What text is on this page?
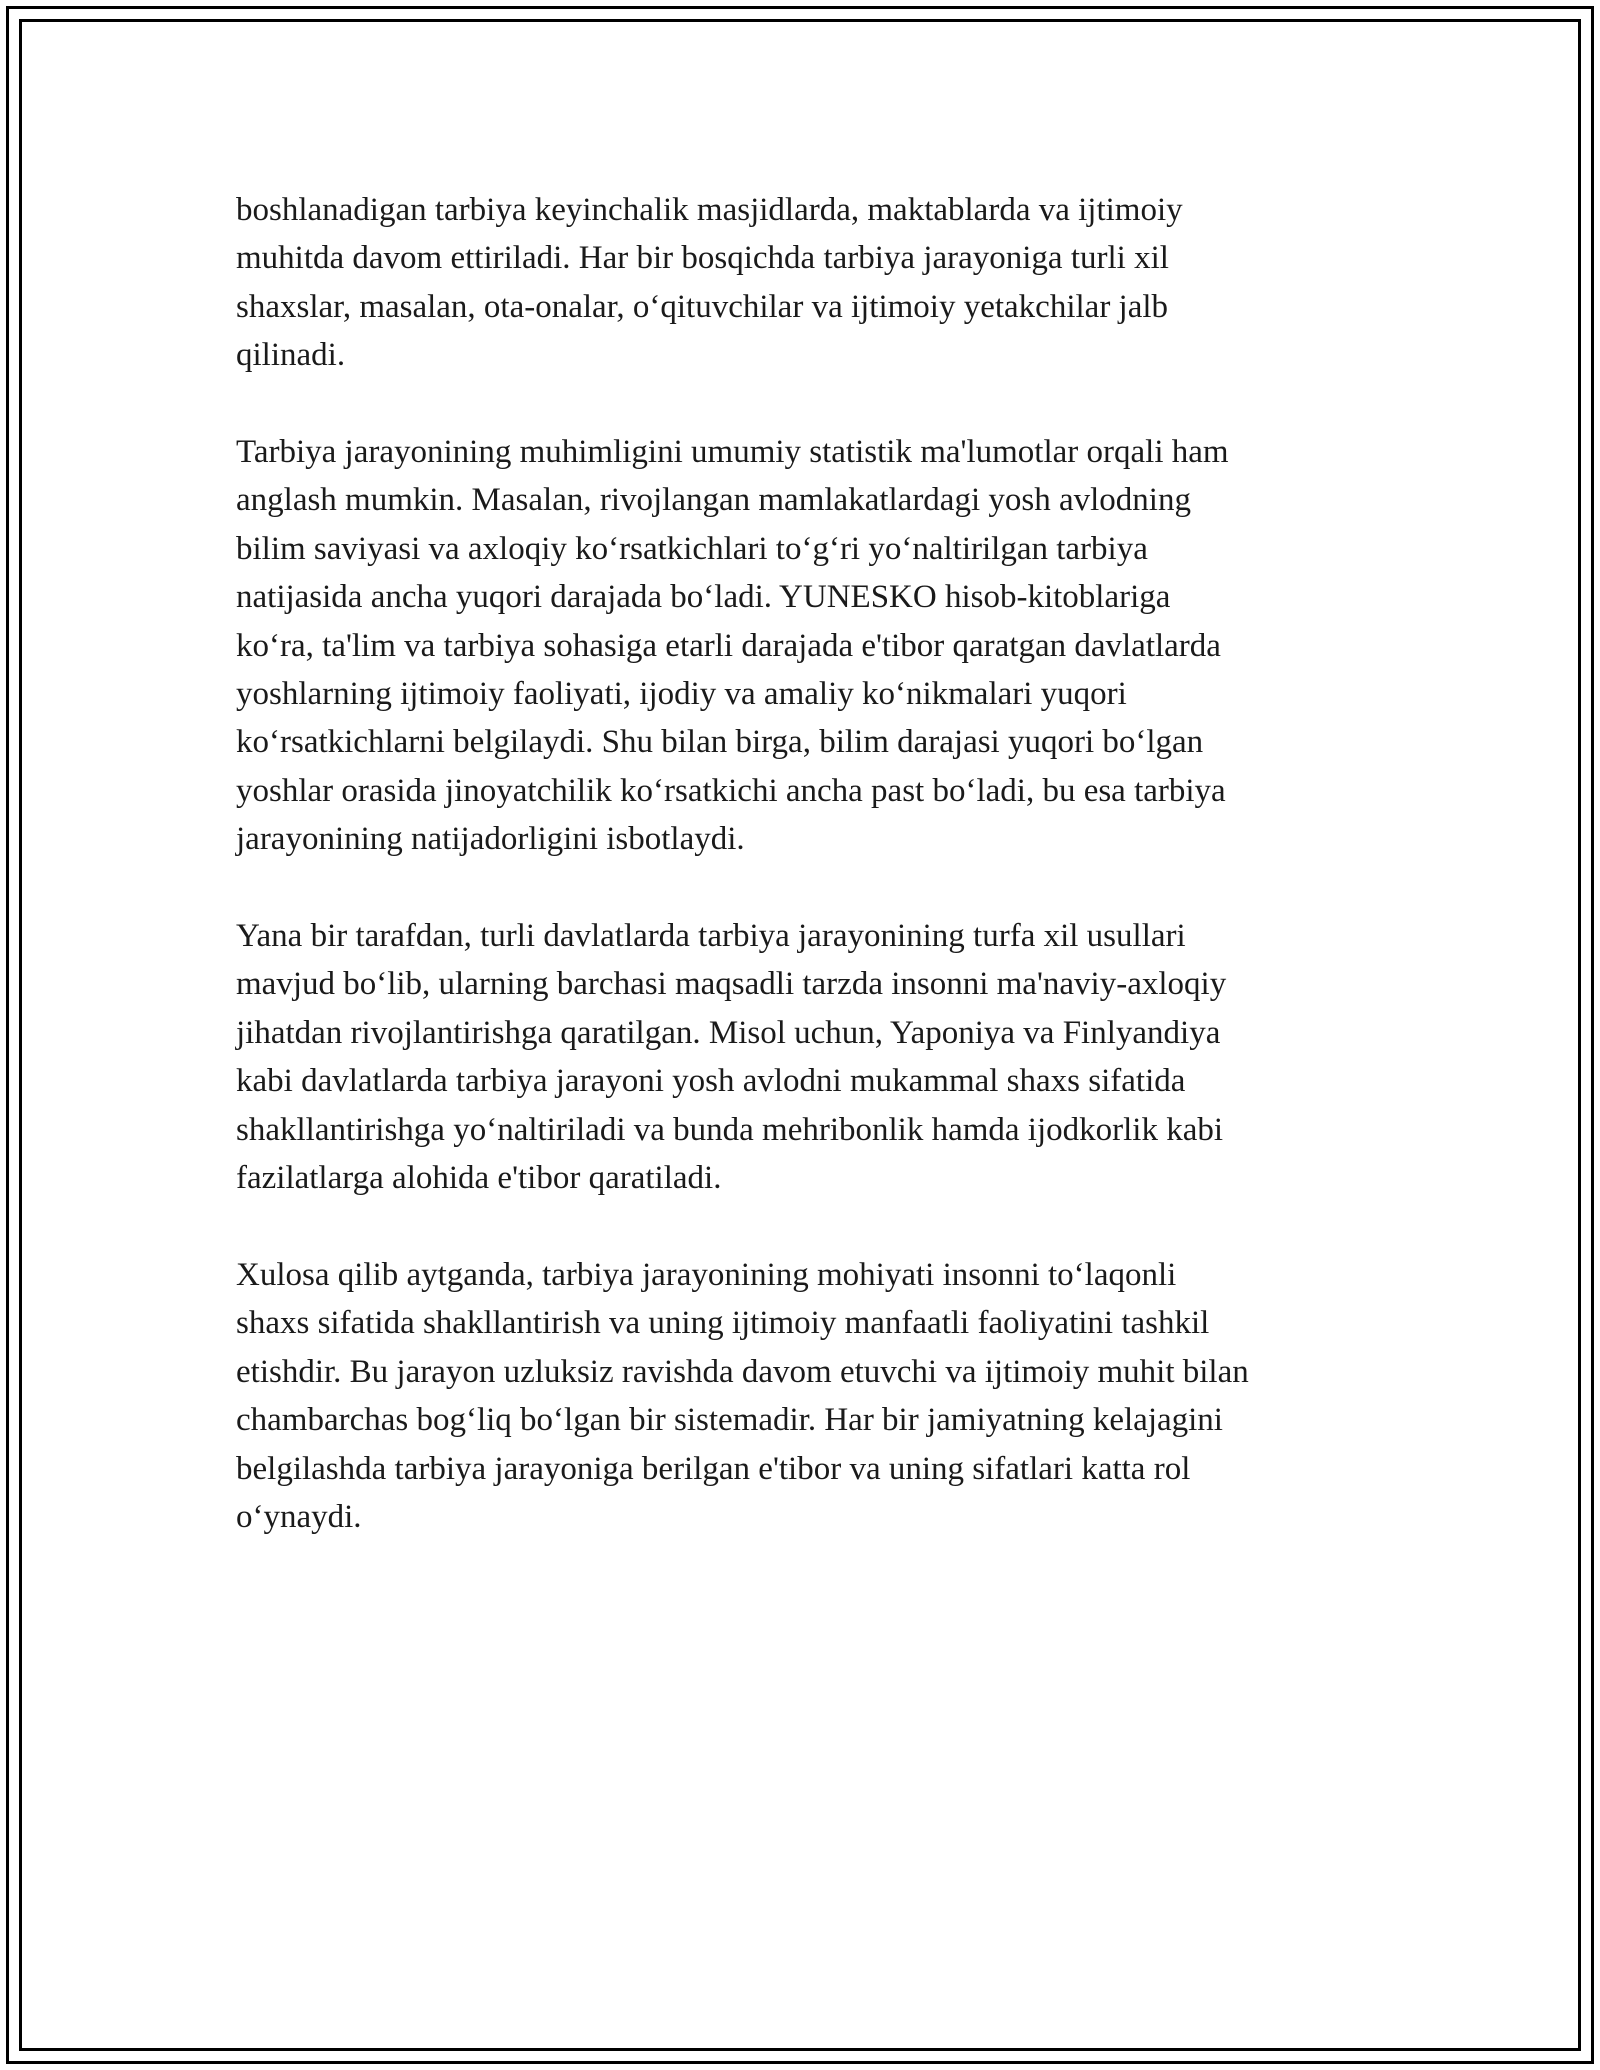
boshlanadigan tarbiya keyinchalik masjidlarda, maktablarda va ijtimoiy
muhitda davom ettiriladi. Har bir bosqichda tarbiya jarayoniga turli xil
shaxslar, masalan, ota-onalar, o‘qituvchilar va ijtimoiy yetakchilar jalb
qilinadi.

Tarbiya jarayonining muhimligini umumiy statistik ma'lumotlar orqali ham
anglash mumkin. Masalan, rivojlangan mamlakatlardagi yosh avlodning
bilim saviyasi va axloqiy ko‘rsatkichlari to‘g‘ri yo‘naltirilgan tarbiya
natijasida ancha yuqori darajada bo‘ladi. YUNESKO hisob-kitoblariga
ko‘ra, ta'lim va tarbiya sohasiga etarli darajada e'tibor qaratgan davlatlarda
yoshlarning ijtimoiy faoliyati, ijodiy va amaliy ko‘nikmalari yuqori
ko‘rsatkichlarni belgilaydi. Shu bilan birga, bilim darajasi yuqori bo‘lgan
yoshlar orasida jinoyatchilik ko‘rsatkichi ancha past bo‘ladi, bu esa tarbiya
jarayonining natijadorligini isbotlaydi.

Yana bir tarafdan, turli davlatlarda tarbiya jarayonining turfa xil usullari
mavjud bo‘lib, ularning barchasi maqsadli tarzda insonni ma'naviy-axloqiy
jihatdan rivojlantirishga qaratilgan. Misol uchun, Yaponiya va Finlyandiya
kabi davlatlarda tarbiya jarayoni yosh avlodni mukammal shaxs sifatida
shakllantirishga yo‘naltiriladi va bunda mehribonlik hamda ijodkorlik kabi
fazilatlarga alohida e'tibor qaratiladi.

Xulosa qilib aytganda, tarbiya jarayonining mohiyati insonni to‘laqonli
shaxs sifatida shakllantirish va uning ijtimoiy manfaatli faoliyatini tashkil
etishdir. Bu jarayon uzluksiz ravishda davom etuvchi va ijtimoiy muhit bilan
chambarchas bog‘liq bo‘lgan bir sistemadir. Har bir jamiyatning kelajagini
belgilashda tarbiya jarayoniga berilgan e'tibor va uning sifatlari katta rol
o‘ynaydi.
